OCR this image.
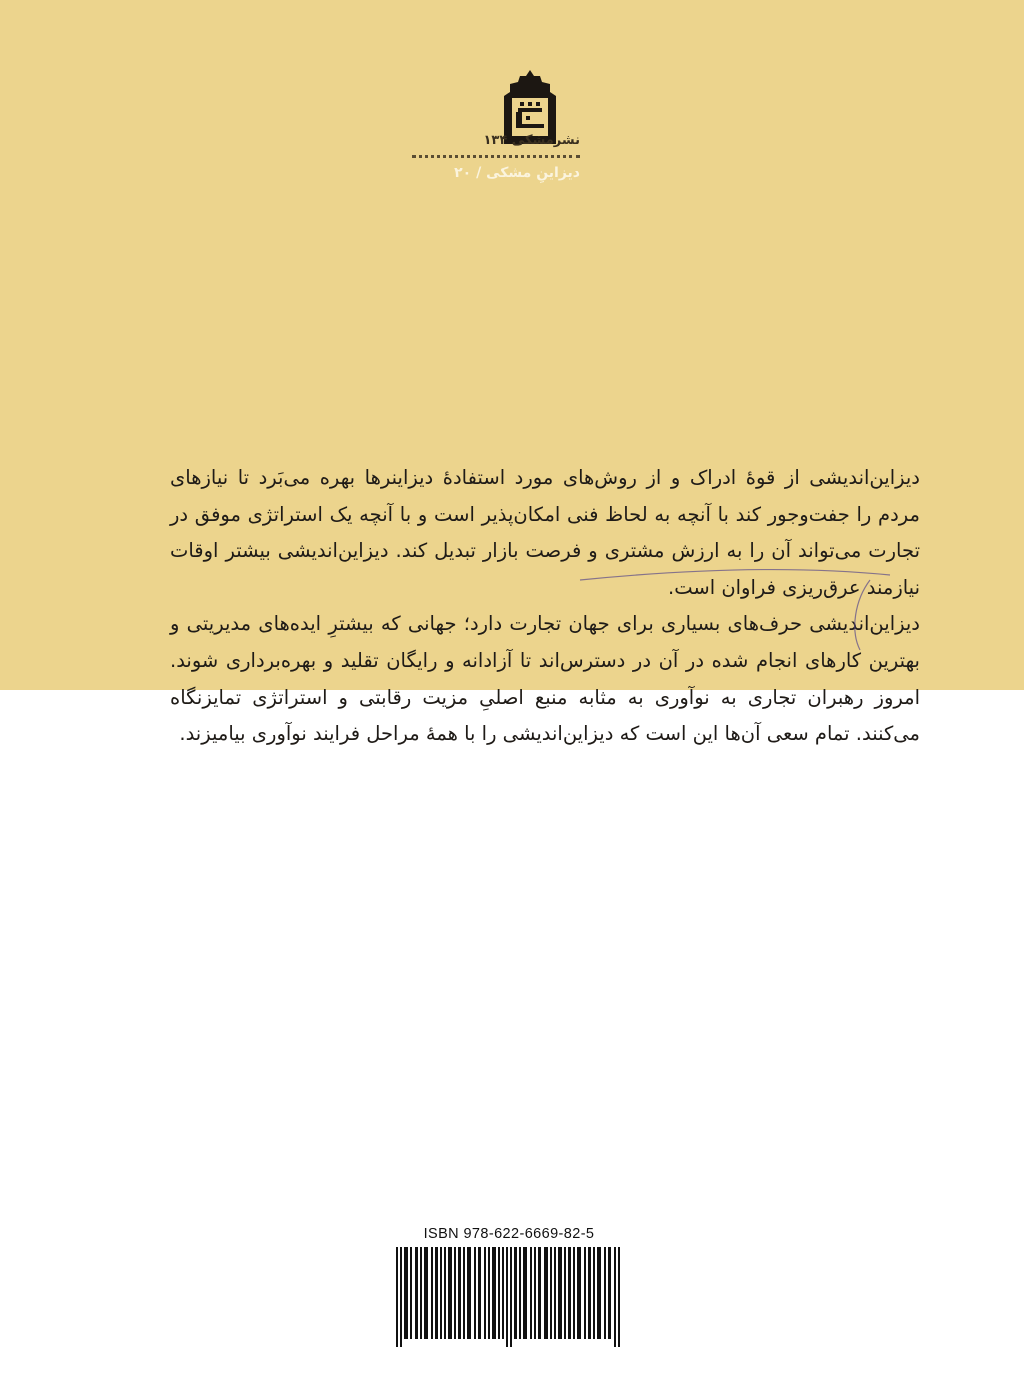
نشرمشکی ۱۳۴
دیزاینِ مشکی / ۲۰

دیزاین‌اندیشی از قوهٔ ادراک و از روش‌های مورد استفادهٔ دیزاینرها بهره می‌بَرد تا نیازهای مردم را جفت‌وجور کند با آنچه به لحاظ فنی امکان‌پذیر است و با آنچه یک استراتژی موفق در تجارت می‌تواند آن را به ارزش مشتری و فرصت بازار تبدیل کند. دیزاین‌اندیشی بیشتر اوقات نیازمند عرق‌ریزی فراوان است.

دیزاین‌اندیشی حرف‌های بسیاری برای جهان تجارت دارد؛ جهانی که بیشترِ ایده‌های مدیریتی و بهترین کارهای انجام شده در آن در دسترس‌اند تا آزادانه و رایگان تقلید و بهره‌برداری شوند. امروز رهبران تجاری به نوآوری به مثابه منبع اصلیِ مزیت رقابتی و استراتژی تمایزنگاه می‌کنند. تمام سعی آن‌ها این است که دیزاین‌اندیشی را با همهٔ مراحل فرایند نوآوری بیامیزند.

ISBN 978-622-6669-82-5
